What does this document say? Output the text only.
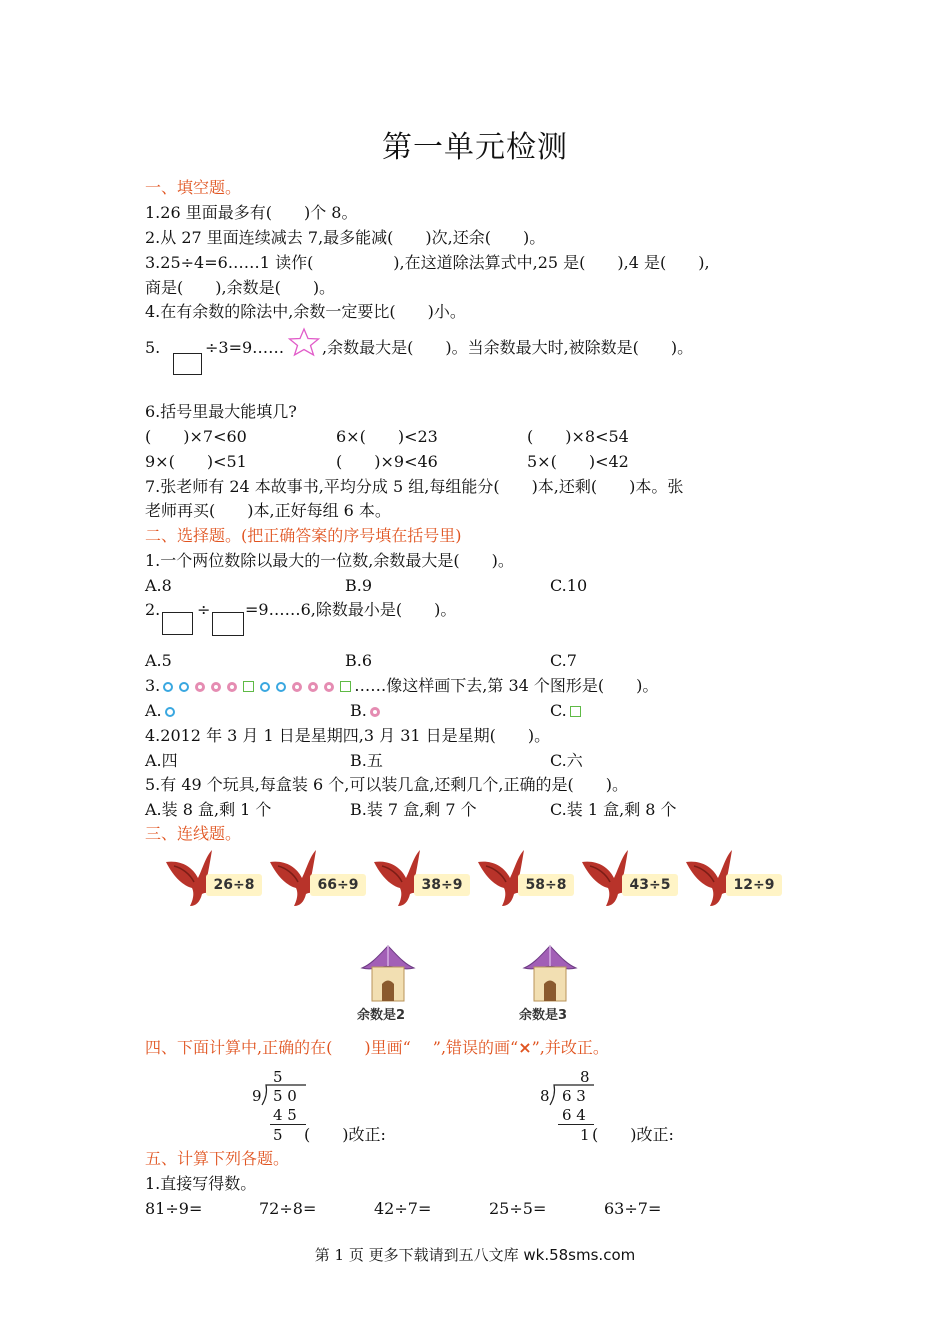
第一单元检测
一、填空题。
1.26 里面最多有(　　)个 8。
2.从 27 里面连续减去 7,最多能减(　　)次,还余(　　)。
3.25÷4=6……1 读作(　　　　　),在这道除法算式中,25 是(　　),4 是(　　),
商是(　　),余数是(　　)。
4.在有余数的除法中,余数一定要比(　　)小。
5.	÷3=9…… ,余数最大是(　　)。当余数最大时,被除数是(　　)。
6.括号里最大能填几?
(　　)×7<60	6×(　　)<23	(　　)×8<54
9×(　　)<51	(　　)×9<46	5×(　　)<42
7.张老师有 24 本故事书,平均分成 5 组,每组能分(　　)本,还剩(　　)本。张
老师再买(　　)本,正好每组 6 本。
二、选择题。(把正确答案的序号填在括号里)
1.一个两位数除以最大的一位数,余数最大是(　　)。
A.8	B.9	C.10
2. ÷ =9……6,除数最小是(　　)。
A.5	B.6	C.7
3.	……像这样画下去,第 34 个图形是(　　)。
A.	B.	C.
4.2012 年 3 月 1 日是星期四,3 月 31 日是星期(　　)。
A.四	B.五	C.六
5.有 49 个玩具,每盒装 6 个,可以装几盒,还剩几个,正确的是(　　)。
A.装 8 盒,剩 1 个	B.装 7 盒,剩 7 个	C.装 1 盒,剩 8 个
三、连线题。
26÷8	66÷9	38÷9	58÷8	43÷5	12÷9
余数是2	余数是3
四、下面计算中,正确的在(　　)里画“ ”,错误的画“×”,并改正。
5
9 5 0
4 5
5 (　　)改正:
8
8 6 3
6 4
1 (　　)改正:
五、计算下列各题。
1.直接写得数。
81÷9=	72÷8=	42÷7=	25÷5=	63÷7=
第 1 页 更多下载请到五八文库 wk.58sms.com
